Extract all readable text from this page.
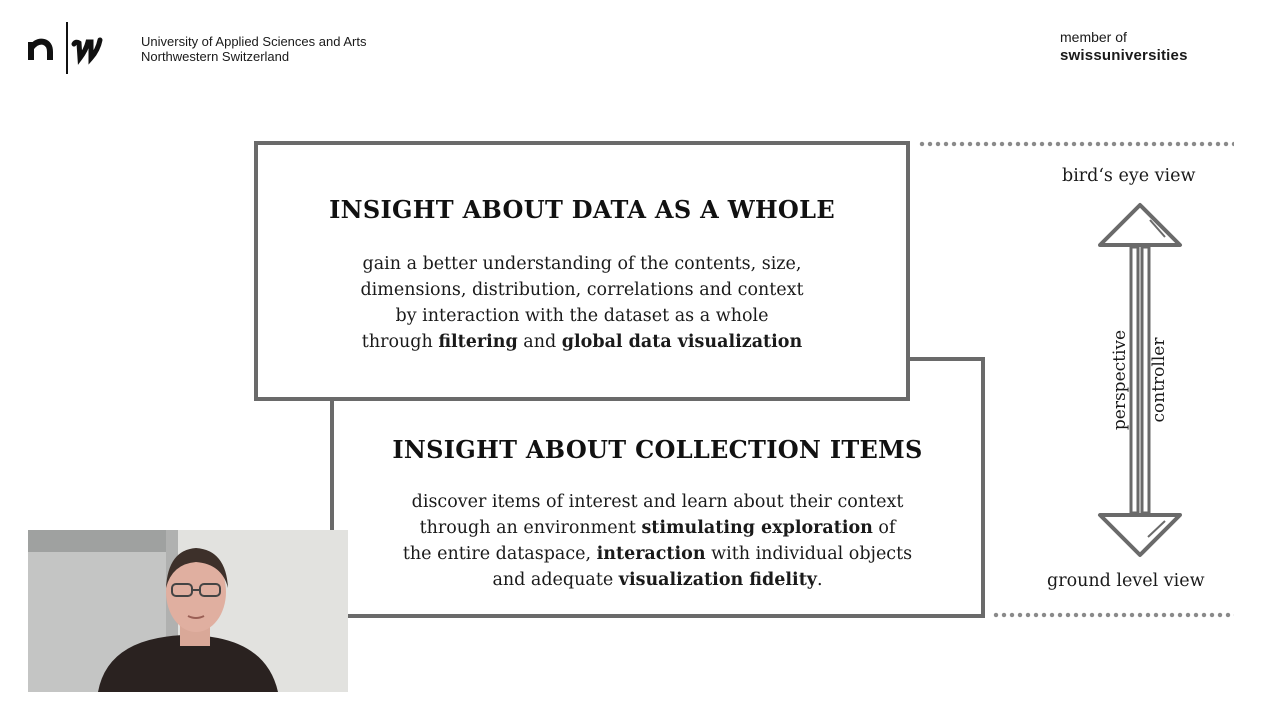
University of Applied Sciences and Arts
Northwestern Switzerland
member of
swissuniversities
INSIGHT ABOUT COLLECTION ITEMS
discover items of interest and learn about their context
through an environment stimulating exploration of
the entire dataspace, interaction with individual objects
and adequate visualization fidelity.
INSIGHT ABOUT DATA AS A WHOLE
gain a better understanding of the contents, size,
dimensions, distribution, correlations and context
by interaction with the dataset as a whole
through filtering and global data visualization
bird‘s eye view
ground level view
perspective controller
